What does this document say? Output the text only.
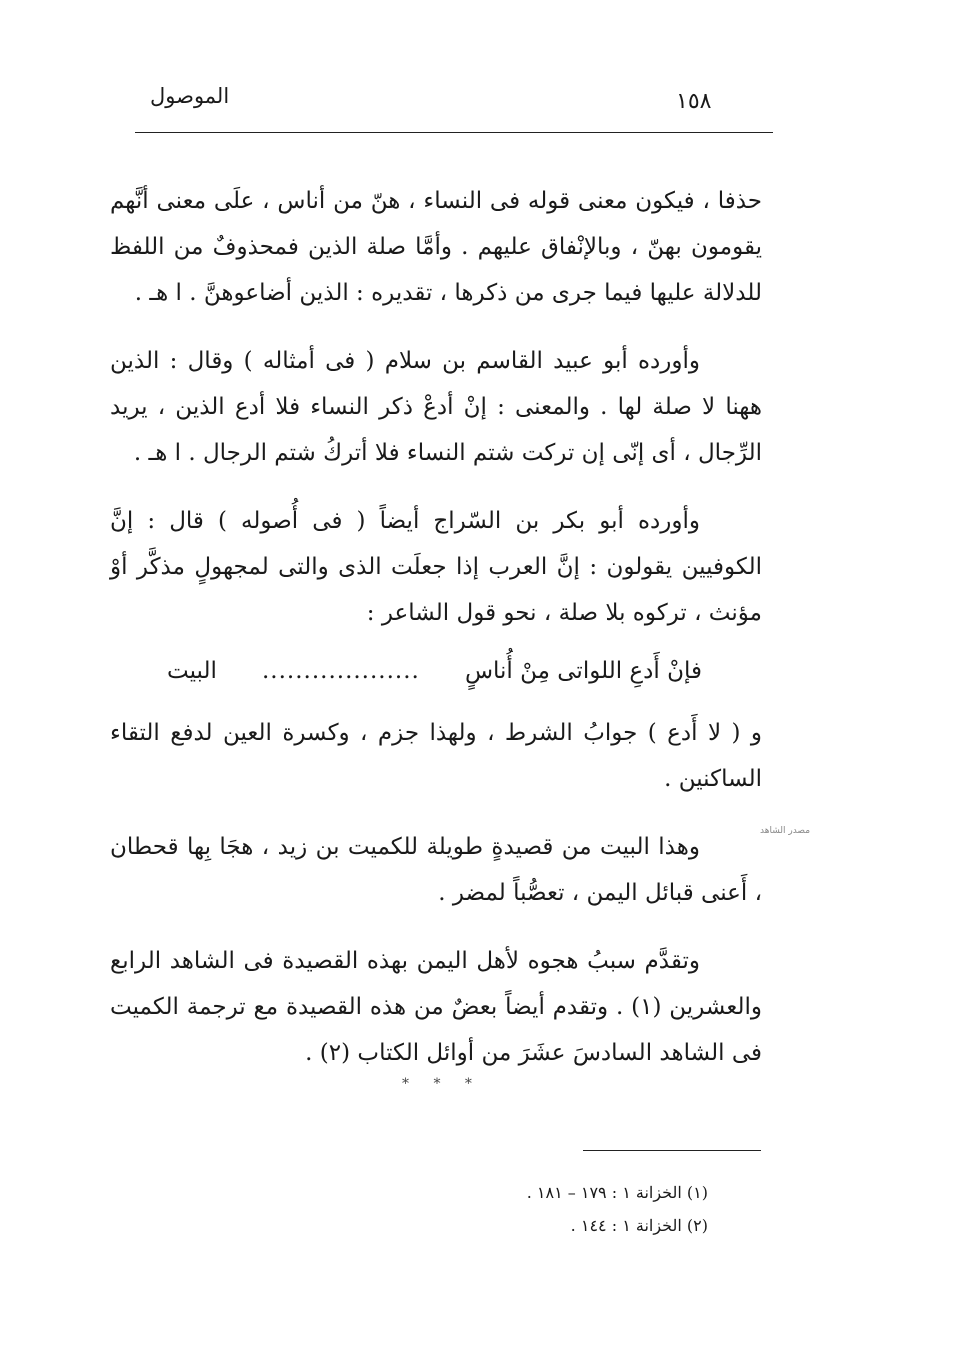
الموصول	١٥٨

حذفا ، فيكون معنى قوله فى النساء ، هنّ من أناس ، علَى معنى أنَّهم يقومون بهنّ ، وبالإنْفاق عليهم . وأمَّا صلة الذين فمحذوفٌ من اللفظ للدلالة عليها فيما جرى من ذكرها ، تقديره : الذين أضاعوهنَّ . ا هـ .

وأورده أبو عبيد القاسم بن سلام ( فى أمثاله ) وقال : الذين ههنا لا صلة لها . والمعنى : إنْ أدعْ ذكر النساء فلا أدع الذين ، يريد الرِّجال ، أى إنّى إن تركت شتم النساء فلا أتركُ شتم الرجال . ا هـ .

وأورده أبو بكر بن السّراج أيضاً ( فى أُصوله ) قال : إنَّ الكوفيين يقولون : إنَّ العرب إذا جعلَت الذى والتى لمجهولٍ مذكَّر أوْ مؤنث ، تركوه بلا صلة ، نحو قول الشاعر :

فإنْ أَدعِ اللواتى مِنْ أُناسٍ
...................
البيت

و ( لا أَدع ) جوابُ الشرط ، ولهذا جزم ، وكسرة العين لدفع التقاء الساكنين .

وهذا البيت من قصيدةٍ طويلة للكميت بن زيد ، هجَا بِها قحطان ، أَعنى قبائل اليمن ، تعصُّباً لمضر .

وتقدَّم سببُ هجوه لأهل اليمن بهذه القصيدة فى الشاهد الرابع والعشرين (١) . وتقدم أيضاً بعضٌ من هذه القصيدة مع ترجمة الكميت فى الشاهد السادسَ عشَرَ من أوائل الكتاب (٢) .

مصدر الشاهد
* * *

(١) الخزانة ١ : ١٧٩ – ١٨١ .

(٢) الخزانة ١ : ١٤٤ .
